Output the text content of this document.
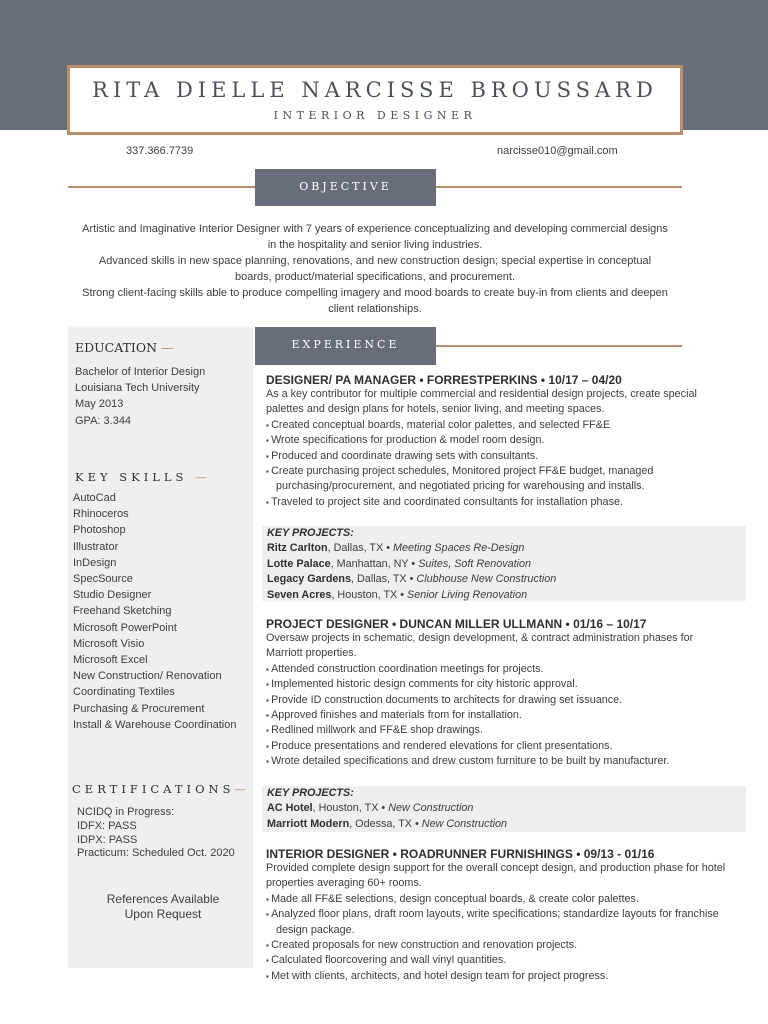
RITA DIELLE NARCISSE BROUSSARD
INTERIOR DESIGNER
337.366.7739	narcisse010@gmail.com
OBJECTIVE
Artistic and Imaginative Interior Designer with 7 years of experience conceptualizing and developing commercial designs in the hospitality and senior living industries.
Advanced skills in new space planning, renovations, and new construction design; special expertise in conceptual boards, product/material specifications, and procurement.
Strong client-facing skills able to produce compelling imagery and mood boards to create buy-in from clients and deepen client relationships.
EDUCATION —
Bachelor of Interior Design
Louisiana Tech University
May 2013
GPA: 3.344
KEY SKILLS —
AutoCad
Rhinoceros
Photoshop
Illustrator
InDesign
SpecSource
Studio Designer
Freehand Sketching
Microsoft PowerPoint
Microsoft Visio
Microsoft Excel
New Construction/ Renovation
Coordinating Textiles
Purchasing & Procurement
Install & Warehouse Coordination
CERTIFICATIONS—
NCIDQ in Progress:
IDFX: PASS
IDPX: PASS
Practicum: Scheduled Oct. 2020
References Available
Upon Request
EXPERIENCE
DESIGNER/ PA MANAGER • FORRESTPERKINS • 10/17 – 04/20
As a key contributor for multiple commercial and residential design projects, create special palettes and design plans for hotels, senior living, and meeting spaces.
▪ Created conceptual boards, material color palettes, and selected FF&E
▪ Wrote specifications for production & model room design.
▪ Produced and coordinate drawing sets with consultants.
▪ Create purchasing project schedules, Monitored project FF&E budget, managed purchasing/procurement, and negotiated pricing for warehousing and installs.
▪ Traveled to project site and coordinated consultants for installation phase.
KEY PROJECTS:
Ritz Carlton, Dallas, TX • Meeting Spaces Re-Design
Lotte Palace, Manhattan, NY • Suites, Soft Renovation
Legacy Gardens, Dallas, TX • Clubhouse New Construction
Seven Acres, Houston, TX • Senior Living Renovation
PROJECT DESIGNER • DUNCAN MILLER ULLMANN • 01/16 – 10/17
Oversaw projects in schematic, design development, & contract administration phases for Marriott properties.
▪ Attended construction coordination meetings for projects.
▪ Implemented historic design comments for city historic approval.
▪ Provide ID construction documents to architects for drawing set issuance.
▪ Approved finishes and materials from for installation.
▪ Redlined millwork and FF&E shop drawings.
▪ Produce presentations and rendered elevations for client presentations.
▪ Wrote detailed specifications and drew custom furniture to be built by manufacturer.
KEY PROJECTS:
AC Hotel, Houston, TX • New Construction
Marriott Modern, Odessa, TX • New Construction
INTERIOR DESIGNER • ROADRUNNER FURNISHINGS • 09/13 - 01/16
Provided complete design support for the overall concept design, and production phase for hotel properties averaging 60+ rooms.
▪ Made all FF&E selections, design conceptual boards, & create color palettes.
▪ Analyzed floor plans, draft room layouts, write specifications; standardize layouts for franchise design package.
▪ Created proposals for new construction and renovation projects.
▪ Calculated floorcovering and wall vinyl quantities.
▪ Met with clients, architects, and hotel design team for project progress.
